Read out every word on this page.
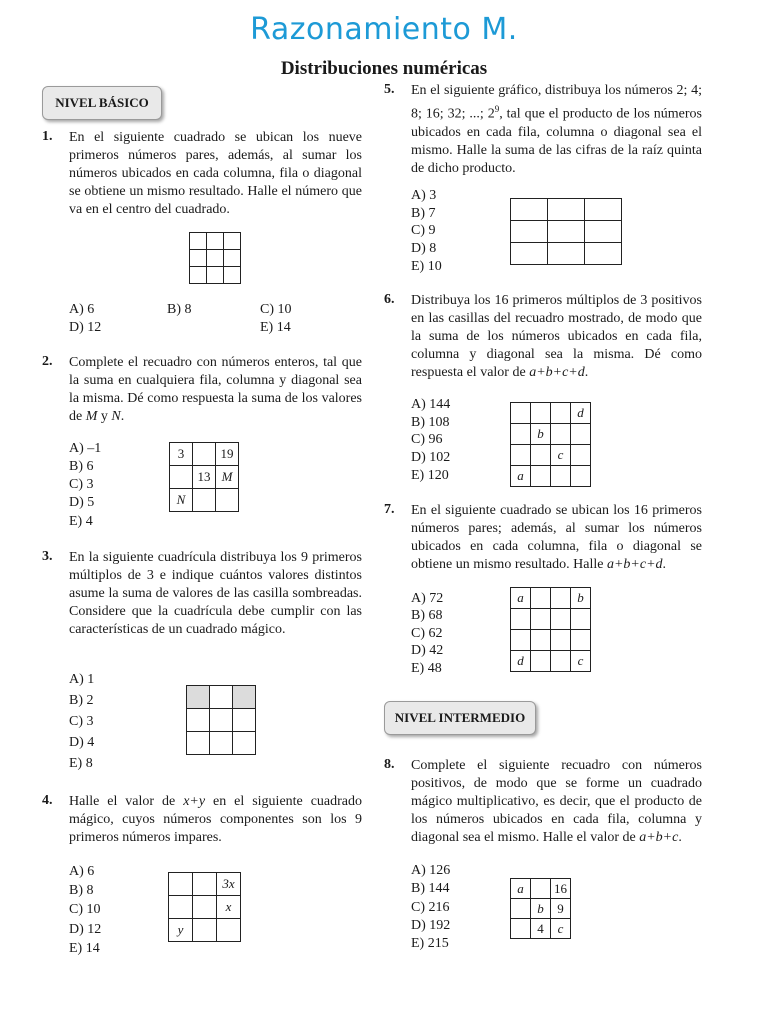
Razonamiento M.
Distribuciones numéricas
NIVEL BÁSICO
1. En el siguiente cuadrado se ubican los nueve primeros números pares, además, al sumar los números ubicados en cada columna, fila o diagonal se obtiene un mismo resultado. Halle el número que va en el centro del cuadrado.

A) 6	B) 8	C) 10
D) 12	E) 14
2. Complete el recuadro con números enteros, tal que la suma en cualquiera fila, columna y diagonal sea la misma. Dé como respuesta la suma de los valores de M y N.
A) –1
B) 6
C) 3
D) 5
E) 4
3		19
	13	M
N		
3. En la siguiente cuadrícula distribuya los 9 primeros múltiplos de 3 e indique cuántos valores distintos asume la suma de valores de las casilla sombreadas. Considere que la cuadrícula debe cumplir con las características de un cuadrado mágico.
A) 1
B) 2
C) 3
D) 4
E) 8

4. Halle el valor de x+y en el siguiente cuadrado mágico, cuyos números componentes son los 9 primeros números impares.
A) 6
B) 8
C) 10
D) 12
E) 14
		3x
		x
y		
5. En el siguiente gráfico, distribuya los números 2; 4; 8; 16; 32; ...; $2^9$, tal que el producto de los números ubicados en cada fila, columna o diagonal sea el mismo. Halle la suma de las cifras de la raíz quinta de dicho producto.
A) 3
B) 7
C) 9
D) 8
E) 10

6. Distribuya los 16 primeros múltiplos de 3 positivos en las casillas del recuadro mostrado, de modo que la suma de los números ubicados en cada fila, columna y diagonal sea la misma. Dé como respuesta el valor de a+b+c+d.
A) 144
B) 108
C) 96
D) 102
E) 120
			d
	b		
		c	
a			
7. En el siguiente cuadrado se ubican los 16 primeros números pares; además, al sumar los números ubicados en cada columna, fila o diagonal se obtiene un mismo resultado. Halle a+b+c+d.
A) 72
B) 68
C) 62
D) 42
E) 48
a			b

d			c
NIVEL INTERMEDIO
8. Complete el siguiente recuadro con números positivos, de modo que se forme un cuadrado mágico multiplicativo, es decir, que el producto de los números ubicados en cada fila, columna y diagonal sea el mismo. Halle el valor de a+b+c.
A) 126
B) 144
C) 216
D) 192
E) 215
a		16
	b	9
	4	c
